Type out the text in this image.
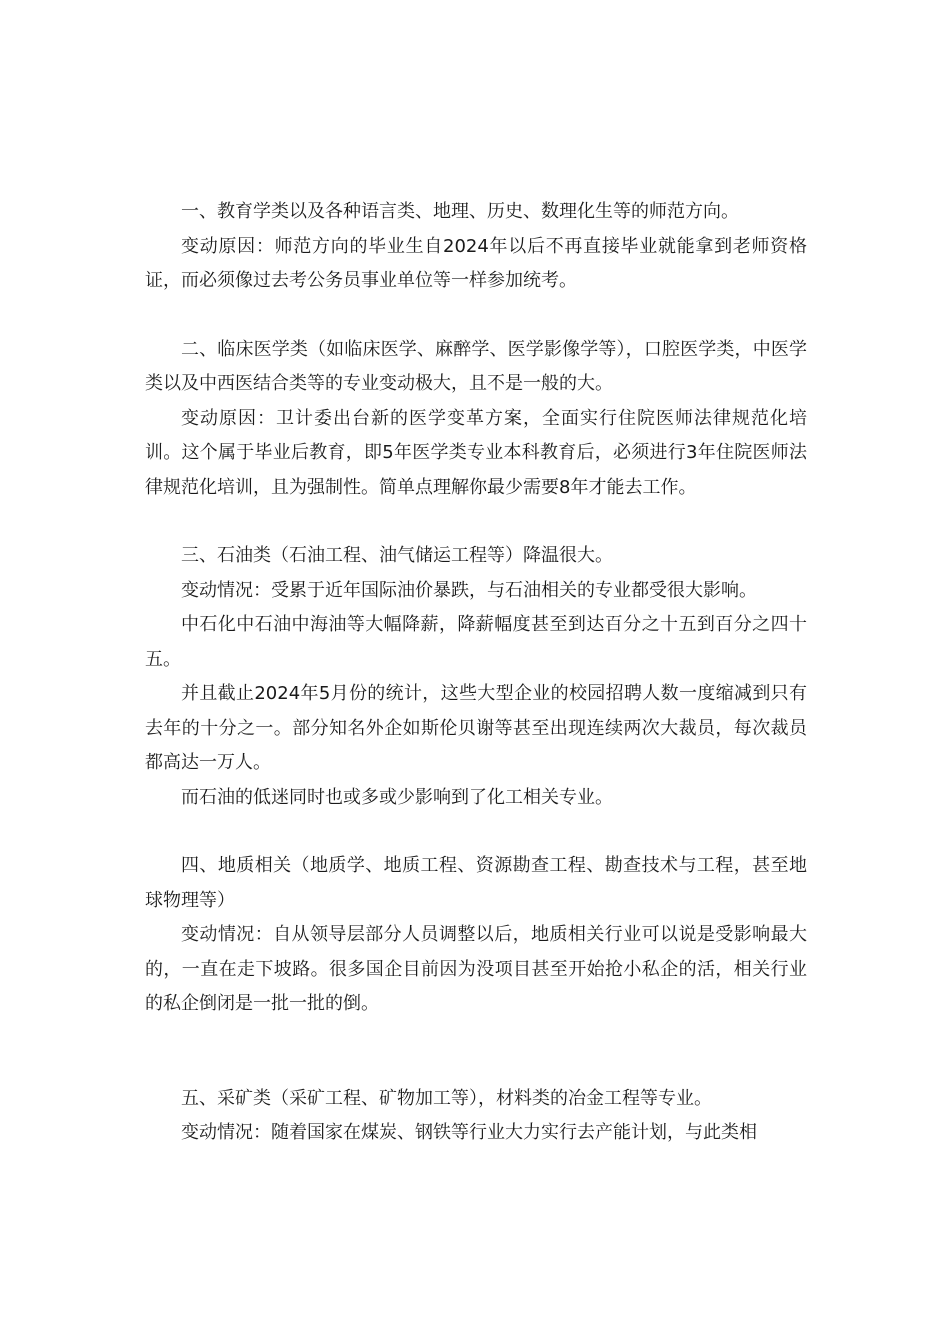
一、教育学类以及各种语言类、地理、历史、数理化生等的师范方向。

变动原因：师范方向的毕业生自2024年以后不再直接毕业就能拿到老师资格证，而必须像过去考公务员事业单位等一样参加统考。

二、临床医学类（如临床医学、麻醉学、医学影像学等），口腔医学类，中医学类以及中西医结合类等的专业变动极大，且不是一般的大。

变动原因：卫计委出台新的医学变革方案，全面实行住院医师法律规范化培训。这个属于毕业后教育，即5年医学类专业本科教育后，必须进行3年住院医师法律规范化培训，且为强制性。简单点理解你最少需要8年才能去工作。

三、石油类（石油工程、油气储运工程等）降温很大。

变动情况：受累于近年国际油价暴跌，与石油相关的专业都受很大影响。

中石化中石油中海油等大幅降薪，降薪幅度甚至到达百分之十五到百分之四十五。

并且截止2024年5月份的统计，这些大型企业的校园招聘人数一度缩减到只有去年的十分之一。部分知名外企如斯伦贝谢等甚至出现连续两次大裁员，每次裁员都高达一万人。

而石油的低迷同时也或多或少影响到了化工相关专业。

四、地质相关（地质学、地质工程、资源勘查工程、勘查技术与工程，甚至地球物理等）

变动情况：自从领导层部分人员调整以后，地质相关行业可以说是受影响最大的，一直在走下坡路。很多国企目前因为没项目甚至开始抢小私企的活，相关行业的私企倒闭是一批一批的倒。

五、采矿类（采矿工程、矿物加工等），材料类的冶金工程等专业。

变动情况：随着国家在煤炭、钢铁等行业大力实行去产能计划，与此类相
